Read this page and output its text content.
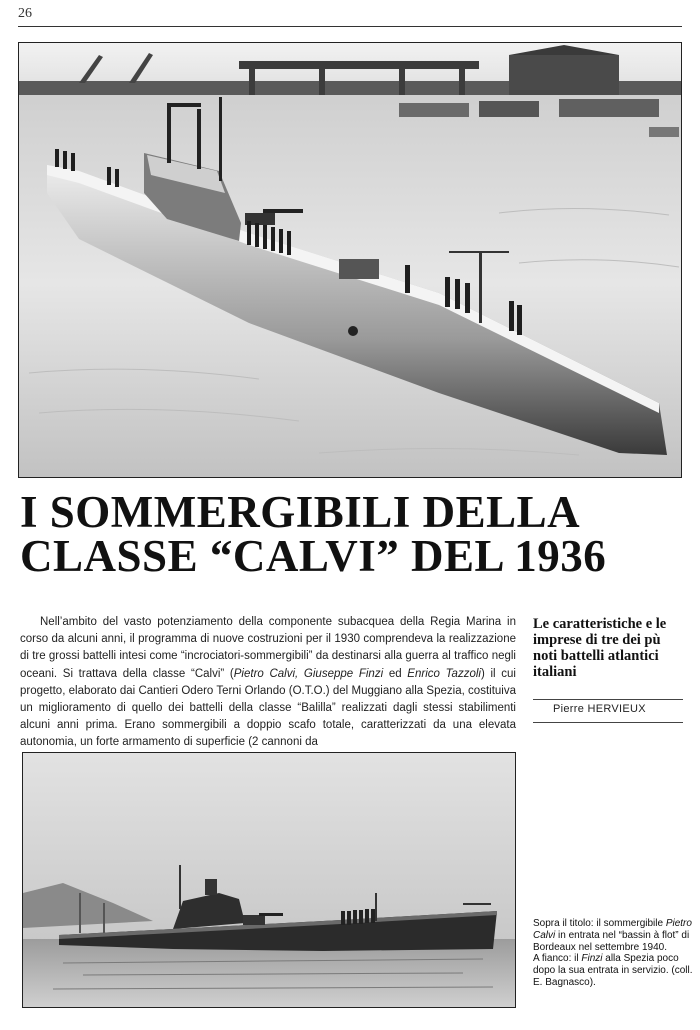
26
I SOMMERGIBILI DELLA
CLASSE “CALVI” DEL 1936

Nell’ambito del vasto potenziamento della componente subacquea della Regia Marina in corso da alcuni anni, il programma di nuove costruzioni per il 1930 comprendeva la realizzazione di tre grossi battelli intesi come “incrociatori-sommergibili” da destinarsi alla guerra al traffico negli oceani. Si trattava della classe “Calvi” (Pietro Calvi, Giuseppe Finzi ed Enrico Tazzoli) il cui progetto, elaborato dai Cantieri Odero Terni Orlando (O.T.O.) del Muggiano alla Spezia, costituiva un miglioramento di quello dei battelli della classe “Balilla” realizzati dagli stessi stabilimenti alcuni anni prima. Erano sommergibili a doppio scafo totale, caratterizzati da una elevata autonomia, un forte armamento di superficie (2 cannoni da

Le caratteristiche e le imprese di tre dei pù noti battelli atlantici italiani

Pierre HERVIEUX

Sopra il titolo: il sommergibile Pietro Calvi in entrata nel “bassin à flot” di Bordeaux nel settembre 1940.

A fianco: il Finzi alla Spezia poco dopo la sua entrata in servizio. (coll. E. Bagnasco).
